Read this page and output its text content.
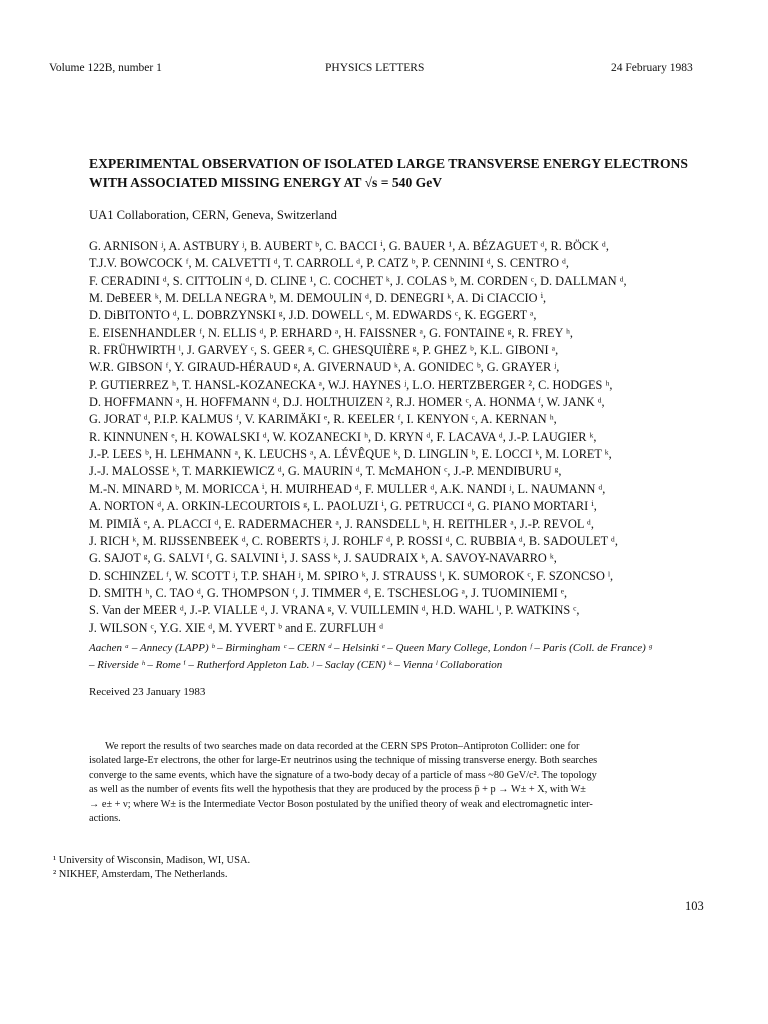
Volume 122B, number 1	PHYSICS LETTERS	24 February 1983
EXPERIMENTAL OBSERVATION OF ISOLATED LARGE TRANSVERSE ENERGY ELECTRONS
WITH ASSOCIATED MISSING ENERGY AT √s = 540 GeV
UA1 Collaboration, CERN, Geneva, Switzerland
G. ARNISON ʲ, A. ASTBURY ʲ, B. AUBERT ᵇ, C. BACCI ⁱ, G. BAUER ¹, A. BÉZAGUET ᵈ, R. BÖCK ᵈ,
T.J.V. BOWCOCK ᶠ, M. CALVETTI ᵈ, T. CARROLL ᵈ, P. CATZ ᵇ, P. CENNINI ᵈ, S. CENTRO ᵈ,
F. CERADINI ᵈ, S. CITTOLIN ᵈ, D. CLINE ¹, C. COCHET ᵏ, J. COLAS ᵇ, M. CORDEN ᶜ, D. DALLMAN ᵈ,
M. DeBEER ᵏ, M. DELLA NEGRA ᵇ, M. DEMOULIN ᵈ, D. DENEGRI ᵏ, A. Di CIACCIO ⁱ,
D. DiBITONTO ᵈ, L. DOBRZYNSKI ᵍ, J.D. DOWELL ᶜ, M. EDWARDS ᶜ, K. EGGERT ᵃ,
E. EISENHANDLER ᶠ, N. ELLIS ᵈ, P. ERHARD ᵃ, H. FAISSNER ᵃ, G. FONTAINE ᵍ, R. FREY ʰ,
R. FRÜHWIRTH ˡ, J. GARVEY ᶜ, S. GEER ᵍ, C. GHESQUIÈRE ᵍ, P. GHEZ ᵇ, K.L. GIBONI ᵃ,
W.R. GIBSON ᶠ, Y. GIRAUD-HÉRAUD ᵍ, A. GIVERNAUD ᵏ, A. GONIDEC ᵇ, G. GRAYER ʲ,
P. GUTIERREZ ʰ, T. HANSL-KOZANECKA ᵃ, W.J. HAYNES ʲ, L.O. HERTZBERGER ², C. HODGES ʰ,
D. HOFFMANN ᵃ, H. HOFFMANN ᵈ, D.J. HOLTHUIZEN ², R.J. HOMER ᶜ, A. HONMA ᶠ, W. JANK ᵈ,
G. JORAT ᵈ, P.I.P. KALMUS ᶠ, V. KARIMÄKI ᵉ, R. KEELER ᶠ, I. KENYON ᶜ, A. KERNAN ʰ,
R. KINNUNEN ᵉ, H. KOWALSKI ᵈ, W. KOZANECKI ʰ, D. KRYN ᵈ, F. LACAVA ᵈ, J.-P. LAUGIER ᵏ,
J.-P. LEES ᵇ, H. LEHMANN ᵃ, K. LEUCHS ᵃ, A. LÉVÊQUE ᵏ, D. LINGLIN ᵇ, E. LOCCI ᵏ, M. LORET ᵏ,
J.-J. MALOSSE ᵏ, T. MARKIEWICZ ᵈ, G. MAURIN ᵈ, T. McMAHON ᶜ, J.-P. MENDIBURU ᵍ,
M.-N. MINARD ᵇ, M. MORICCA ⁱ, H. MUIRHEAD ᵈ, F. MULLER ᵈ, A.K. NANDI ʲ, L. NAUMANN ᵈ,
A. NORTON ᵈ, A. ORKIN-LECOURTOIS ᵍ, L. PAOLUZI ⁱ, G. PETRUCCI ᵈ, G. PIANO MORTARI ⁱ,
M. PIMIÄ ᵉ, A. PLACCI ᵈ, E. RADERMACHER ᵃ, J. RANSDELL ʰ, H. REITHLER ᵃ, J.-P. REVOL ᵈ,
J. RICH ᵏ, M. RIJSSENBEEK ᵈ, C. ROBERTS ʲ, J. ROHLF ᵈ, P. ROSSI ᵈ, C. RUBBIA ᵈ, B. SADOULET ᵈ,
G. SAJOT ᵍ, G. SALVI ᶠ, G. SALVINI ⁱ, J. SASS ᵏ, J. SAUDRAIX ᵏ, A. SAVOY-NAVARRO ᵏ,
D. SCHINZEL ᶠ, W. SCOTT ʲ, T.P. SHAH ʲ, M. SPIRO ᵏ, J. STRAUSS ˡ, K. SUMOROK ᶜ, F. SZONCSO ˡ,
D. SMITH ʰ, C. TAO ᵈ, G. THOMPSON ᶠ, J. TIMMER ᵈ, E. TSCHESLOG ᵃ, J. TUOMINIEMI ᵉ,
S. Van der MEER ᵈ, J.-P. VIALLE ᵈ, J. VRANA ᵍ, V. VUILLEMIN ᵈ, H.D. WAHL ˡ, P. WATKINS ᶜ,
J. WILSON ᶜ, Y.G. XIE ᵈ, M. YVERT ᵇ and E. ZURFLUH ᵈ
Aachen ᵃ – Annecy (LAPP) ᵇ – Birmingham ᶜ – CERN ᵈ – Helsinki ᵉ – Queen Mary College, London ᶠ – Paris (Coll. de France) ᵍ
– Riverside ʰ – Rome ⁱ – Rutherford Appleton Lab. ʲ – Saclay (CEN) ᵏ – Vienna ˡ Collaboration
Received 23 January 1983
We report the results of two searches made on data recorded at the CERN SPS Proton–Antiproton Collider: one for
isolated large-Eᴛ electrons, the other for large-Eᴛ neutrinos using the technique of missing transverse energy. Both searches
converge to the same events, which have the signature of a two-body decay of a particle of mass ~80 GeV/c². The topology
as well as the number of events fits well the hypothesis that they are produced by the process p̄ + p → W± + X, with W±
→ e± + ν; where W± is the Intermediate Vector Boson postulated by the unified theory of weak and electromagnetic inter-
actions.
¹ University of Wisconsin, Madison, WI, USA.
² NIKHEF, Amsterdam, The Netherlands.
103
